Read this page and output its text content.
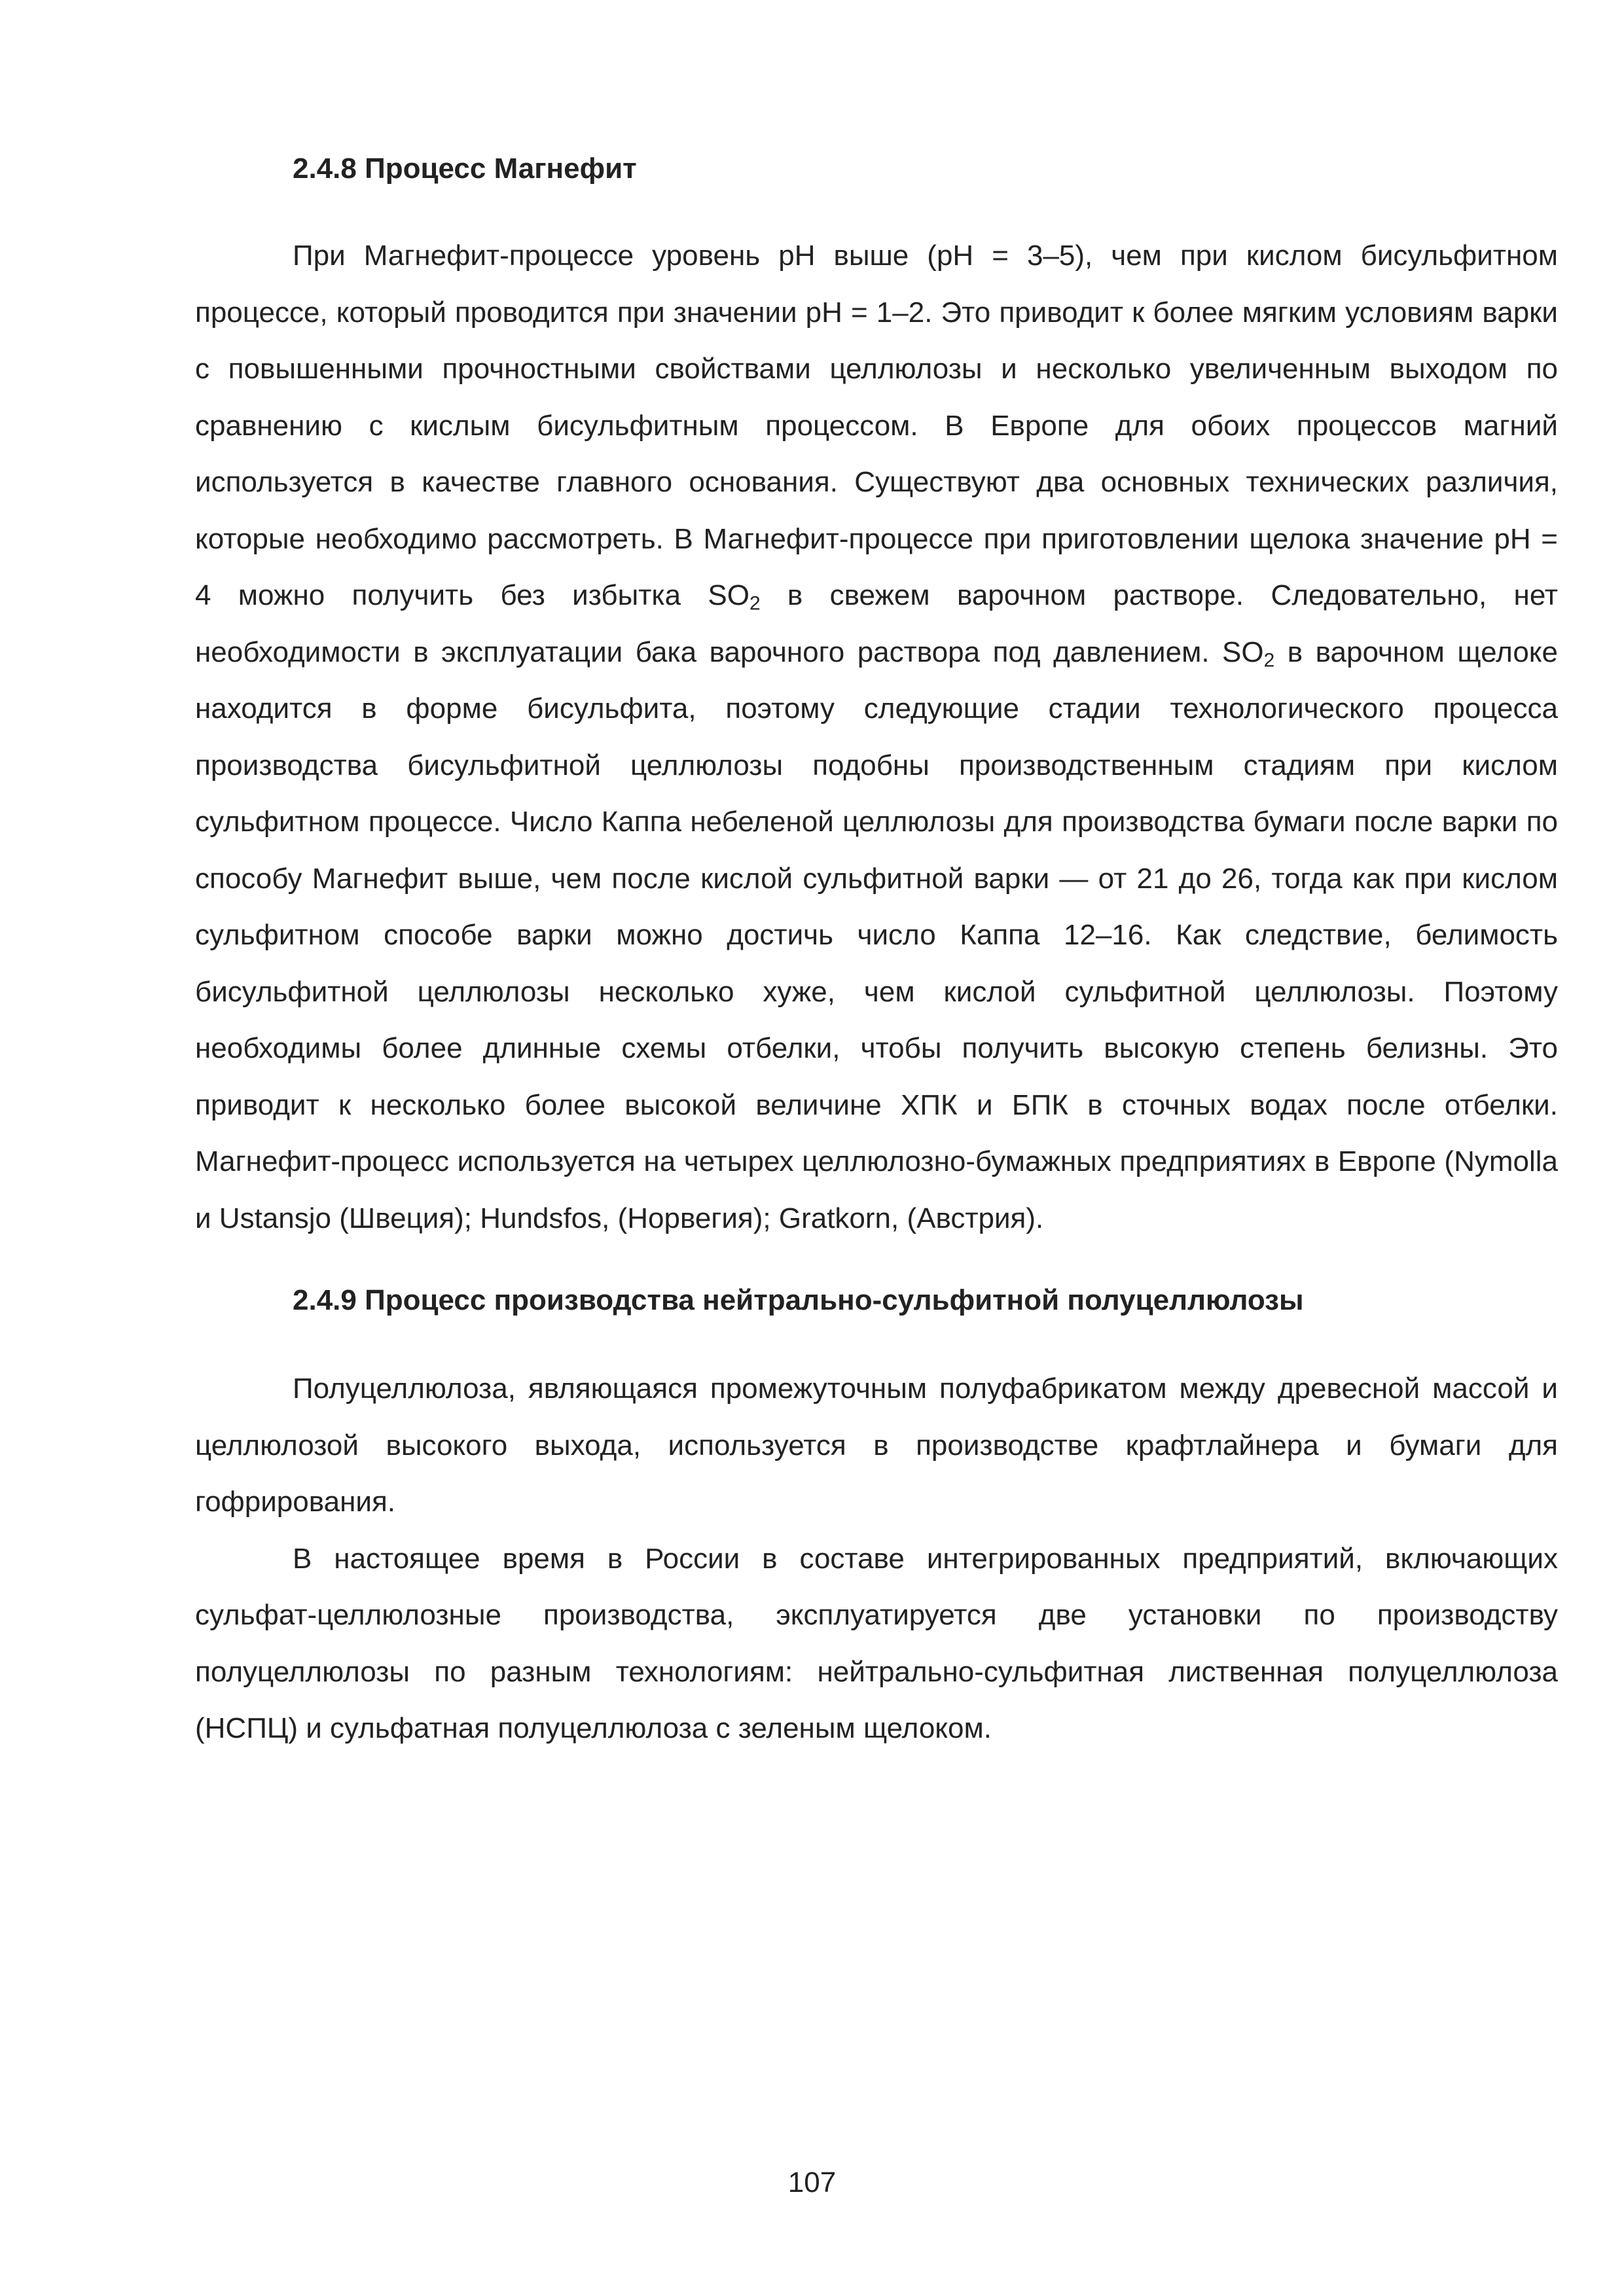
2.4.8 Процесс Магнефит

При Магнефит-процессе уровень pH выше (pH = 3–5), чем при кислом бисульфитном процессе, который проводится при значении pH = 1–2. Это приводит к более мягким условиям варки с повышенными прочностными свойствами целлюлозы и несколько увеличенным выходом по сравнению с кислым бисульфитным процессом. В Европе для обоих процессов магний используется в качестве главного основания. Существуют два основных технических различия, которые необходимо рассмотреть. В Магнефит-процессе при приготовлении щелока значение pH = 4 можно получить без избытка $SO_2$ в свежем варочном растворе. Следовательно, нет необходимости в эксплуатации бака варочного раствора под давлением. $SO_2$ в варочном щелоке находится в форме бисульфита, поэтому следующие стадии технологического процесса производства бисульфитной целлюлозы подобны производственным стадиям при кислом сульфитном процессе. Число Каппа небеленой целлюлозы для производства бумаги после варки по способу Магнефит выше, чем после кислой сульфитной варки — от 21 до 26, тогда как при кислом сульфитном способе варки можно достичь число Каппа 12–16. Как следствие, белимость бисульфитной целлюлозы несколько хуже, чем кислой сульфитной целлюлозы. Поэтому необходимы более длинные схемы отбелки, чтобы получить высокую степень белизны. Это приводит к несколько более высокой величине ХПК и БПК в сточных водах после отбелки. Магнефит-процесс используется на четырех целлюлозно-бумажных предприятиях в Европе (Nymolla и Ustansjo (Швеция); Hundsfos, (Норвегия); Gratkorn, (Австрия).

2.4.9 Процесс производства нейтрально-сульфитной полуцеллюлозы

Полуцеллюлоза, являющаяся промежуточным полуфабрикатом между древесной массой и целлюлозой высокого выхода, используется в производстве крафтлайнера и бумаги для гофрирования.

В настоящее время в России в составе интегрированных предприятий, включающих сульфат-целлюлозные производства, эксплуатируется две установки по производству полуцеллюлозы по разным технологиям: нейтрально-сульфитная лиственная полуцеллюлоза (НСПЦ) и сульфатная полуцеллюлоза с зеленым щелоком.

107
